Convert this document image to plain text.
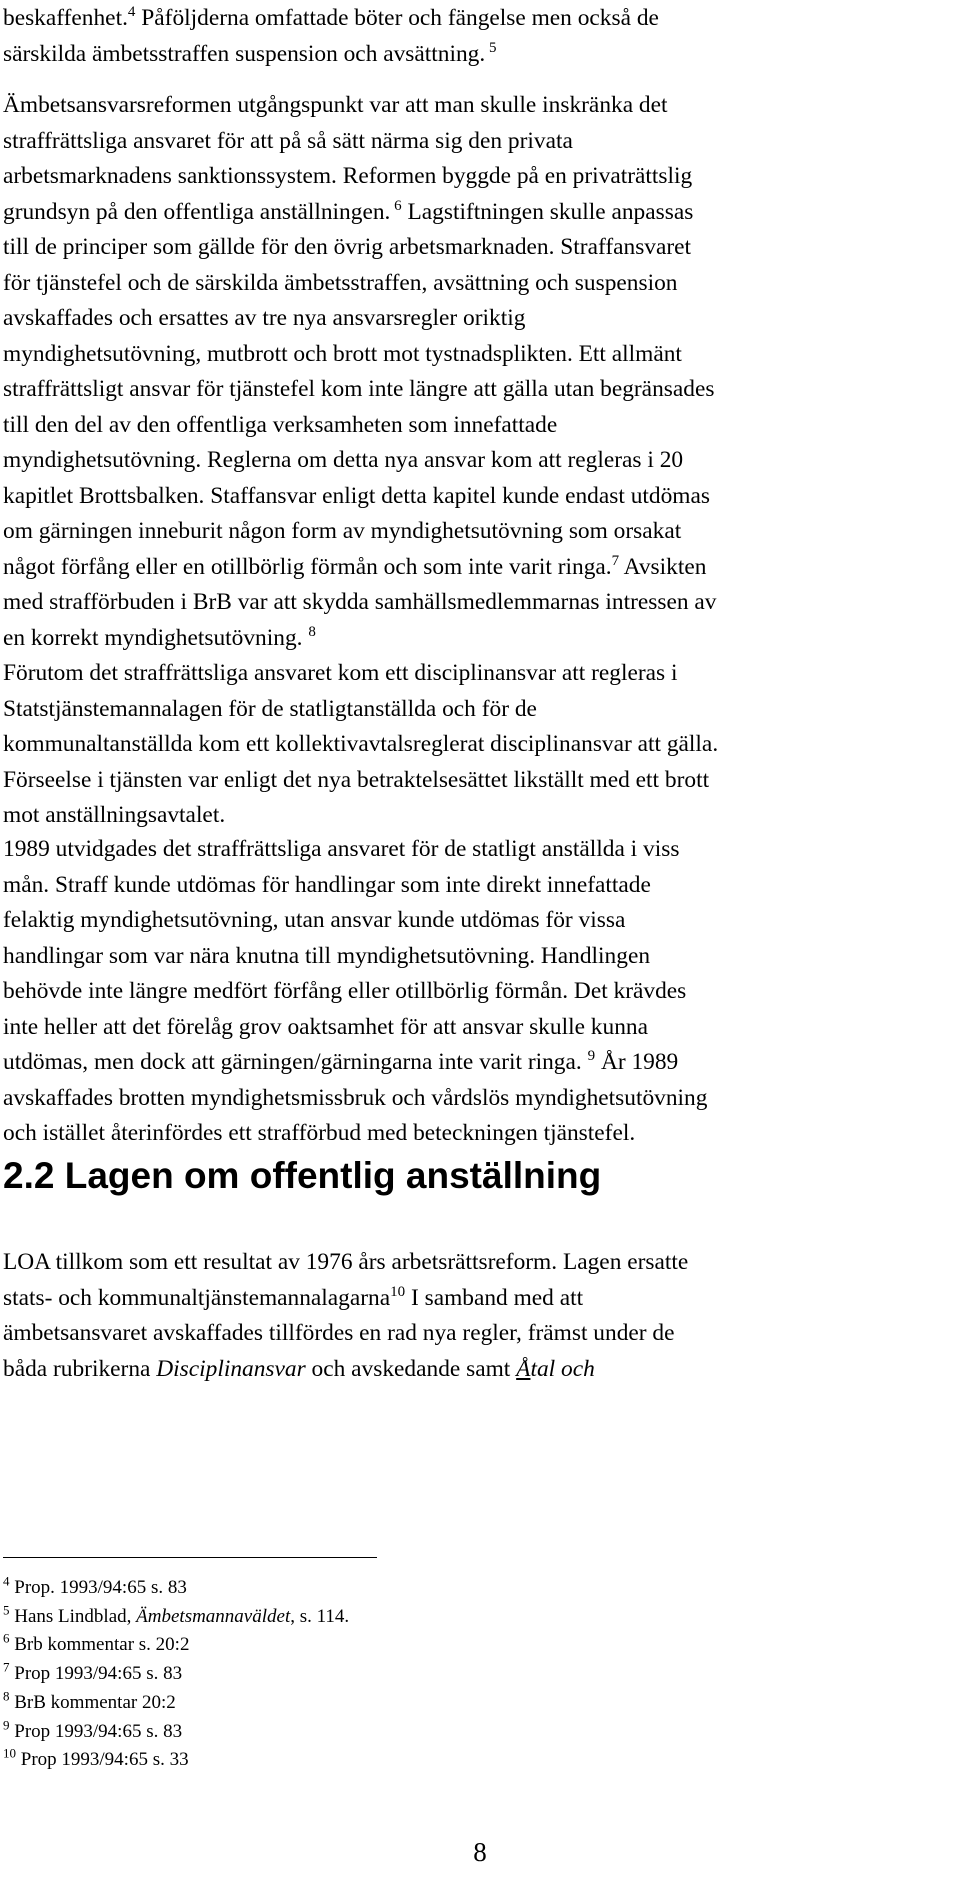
beskaffenhet.$^4$ Påföljderna omfattade böter och fängelse men också de
särskilda ämbetsstraffen suspension och avsättning. $^5$
Ämbetsansvarsreformen utgångspunkt var att man skulle inskränka det
straffrättsliga ansvaret för att på så sätt närma sig den privata
arbetsmarknadens sanktionssystem. Reformen byggde på en privaträttslig
grundsyn på den offentliga anställningen. $^6$ Lagstiftningen skulle anpassas
till de principer som gällde för den övrig arbetsmarknaden. Straffansvaret
för tjänstefel och de särskilda ämbetsstraffen, avsättning och suspension
avskaffades och ersattes av tre nya ansvarsregler oriktig
myndighetsutövning, mutbrott och brott mot tystnadsplikten. Ett allmänt
straffrättsligt ansvar för tjänstefel kom inte längre att gälla utan begränsades
till den del av den offentliga verksamheten som innefattade
myndighetsutövning. Reglerna om detta nya ansvar kom att regleras i 20
kapitlet Brottsbalken. Staffansvar enligt detta kapitel kunde endast utdömas
om gärningen inneburit någon form av myndighetsutövning som orsakat
något förfång eller en otillbörlig förmån och som inte varit ringa.$^7$ Avsikten
med strafförbuden i BrB var att skydda samhällsmedlemmarnas intressen av
en korrekt myndighetsutövning. $^8$
Förutom det straffrättsliga ansvaret kom ett disciplinansvar att regleras i
Statstjänstemannalagen för de statligtanställda och för de
kommunaltanställda kom ett kollektivavtalsreglerat disciplinansvar att gälla.
Förseelse i tjänsten var enligt det nya betraktelsesättet likställt med ett brott
mot anställningsavtalet.
1989 utvidgades det straffrättsliga ansvaret för de statligt anställda i viss
mån. Straff kunde utdömas för handlingar som inte direkt innefattade
felaktig myndighetsutövning, utan ansvar kunde utdömas för vissa
handlingar som var nära knutna till myndighetsutövning. Handlingen
behövde inte längre medfört förfång eller otillbörlig förmån. Det krävdes
inte heller att det förelåg grov oaktsamhet för att ansvar skulle kunna
utdömas, men dock att gärningen/gärningarna inte varit ringa. $^9$ År 1989
avskaffades brotten myndighetsmissbruk och vårdslös myndighetsutövning
och istället återinfördes ett strafförbud med beteckningen tjänstefel.
2.2 Lagen om offentlig anställning
LOA tillkom som ett resultat av 1976 års arbetsrättsreform. Lagen ersatte
stats- och kommunaltjänstemannalagarna$^{10}$ I samband med att
ämbetsansvaret avskaffades tillfördes en rad nya regler, främst under de
båda rubrikerna Disciplinansvar och avskedande samt Åtal och
$^4$ Prop. 1993/94:65 s. 83
$^5$ Hans Lindblad, Ämbetsmannaväldet, s. 114.
$^6$ Brb kommentar s. 20:2
$^7$ Prop 1993/94:65 s. 83
$^8$ BrB kommentar 20:2
$^9$ Prop 1993/94:65 s. 83
$^{10}$ Prop 1993/94:65 s. 33
8
